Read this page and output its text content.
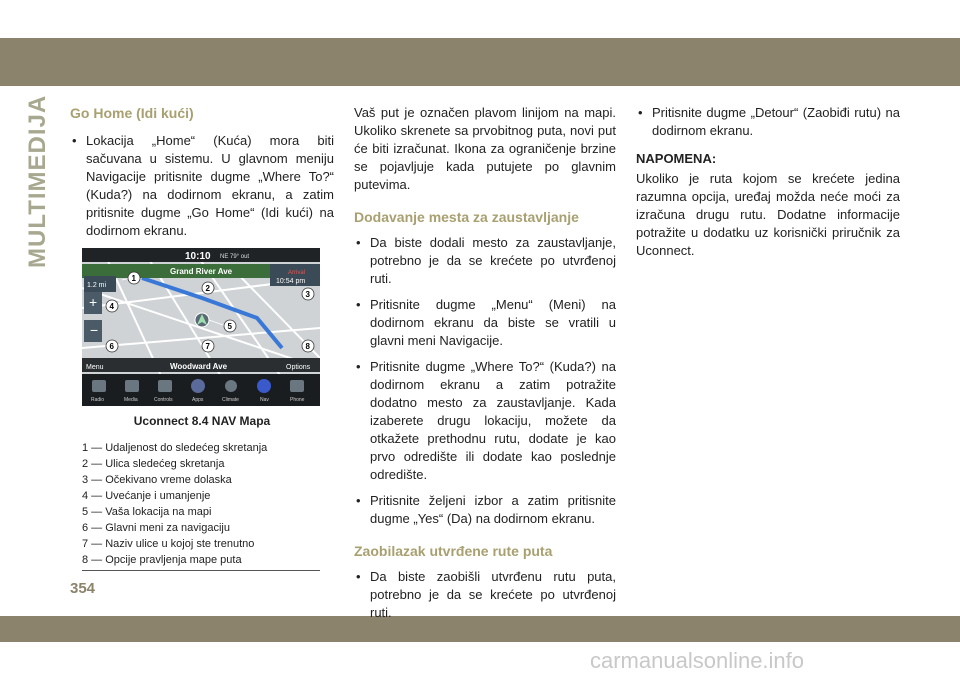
MULTIMEDIJA
354
carmanualsonline.info
Go Home (Idi kući)
• Lokacija „Home“ (Kuća) mora biti sačuvana u sistemu. U glavnom meniju Navigacije pritisnite dugme „Where To?“ (Kuda?) na dodirnom ekranu, a zatim pritisnite dugme „Go Home“ (Idi kući) na dodirnom ekranu.
10:10 NE 79° out
Grand River Ave
1.2 mi
Arrival
10:54 pm
+
−
Menu	Woodward Ave	Options
Radio	Media	Controls	Apps	Climate	Nav	Phone
1
2
3
4
5
6	7	8
Uconnect 8.4 NAV Mapa
1 — Udaljenost do sledećeg skretanja
2 — Ulica sledećeg skretanja
3 — Očekivano vreme dolaska
4 — Uvećanje i umanjenje
5 — Vaša lokacija na mapi
6 — Glavni meni za navigaciju
7 — Naziv ulice u kojoj ste trenutno
8 — Opcije pravljenja mape puta

Vaš put je označen plavom linijom na mapi. Ukoliko skrenete sa prvobitnog puta, novi put će biti izračunat. Ikona za ograničenje brzine se pojavljuje kada putujete po glavnim putevima.

Dodavanje mesta za zaustavljanje
• Da biste dodali mesto za zaustavljanje, potrebno je da se krećete po utvrđenoj ruti.
• Pritisnite dugme „Menu“ (Meni) na dodirnom ekranu da biste se vratili u glavni meni Navigacije.
• Pritisnite dugme „Where To?“ (Kuda?) na dodirnom ekranu a zatim potražite dodatno mesto za zaustavljanje. Kada izaberete drugu lokaciju, možete da otkažete prethodnu rutu, dodate je kao prvo odredište ili dodate kao poslednje odredište.
• Pritisnite željeni izbor a zatim pritisnite dugme „Yes“ (Da) na dodirnom ekranu.
Zaobilazak utvrđene rute puta
• Da biste zaobišli utvrđenu rutu puta, potrebno je da se krećete po utvrđenoj ruti.
• Pritisnite dugme „Detour“ (Zaobiđi rutu) na dodirnom ekranu.
NAPOMENA:

Ukoliko je ruta kojom se krećete jedina razumna opcija, uređaj možda neće moći za izračuna drugu rutu. Dodatne informacije potražite u dodatku uz korisnički priručnik za Uconnect.
